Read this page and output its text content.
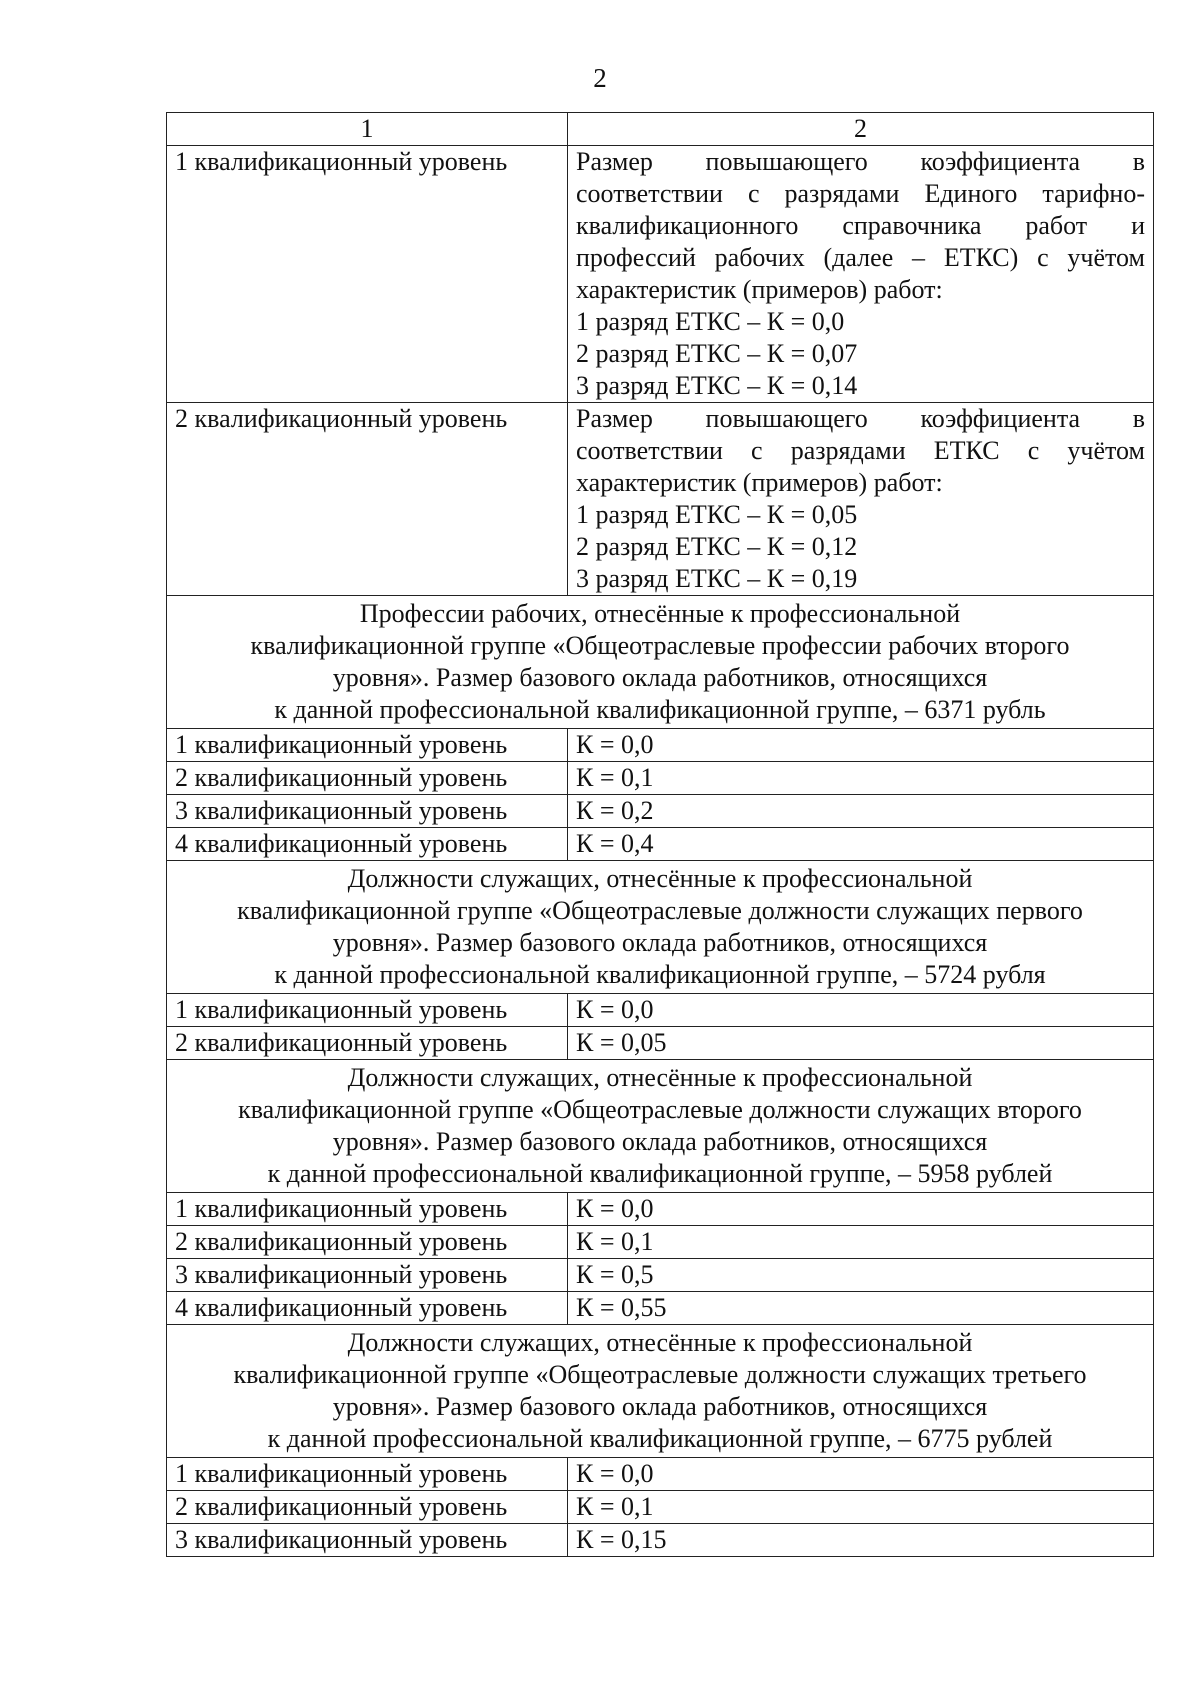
2
1	2
1 квалификационный уровень	Размер повышающего коэффициента в соответствии с разрядами Единого тарифно-квалификационного справочника работ и профессий рабочих (далее – ЕТКС) с учётом характеристик (примеров) работ:
1 разряд ЕТКС – К = 0,0
2 разряд ЕТКС – К = 0,07
3 разряд ЕТКС – К = 0,14

2 квалификационный уровень	Размер повышающего коэффициента в соответствии с разрядами ЕТКС с учётом характеристик (примеров) работ:
1 разряд ЕТКС – К = 0,05
2 разряд ЕТКС – К = 0,12
3 разряд ЕТКС – К = 0,19

Профессии рабочих, отнесённые к профессиональной
квалификационной группе «Общеотраслевые профессии рабочих второго
уровня». Размер базового оклада работников, относящихся
к данной профессиональной квалификационной группе, – 6371 рубль	

1 квалификационный уровень	К = 0,0
2 квалификационный уровень	К = 0,1
3 квалификационный уровень	К = 0,2
4 квалификационный уровень	К = 0,4

Должности служащих, отнесённые к профессиональной
квалификационной группе «Общеотраслевые должности служащих первого
уровня». Размер базового оклада работников, относящихся
к данной профессиональной квалификационной группе, – 5724 рубля	

1 квалификационный уровень	К = 0,0
2 квалификационный уровень	К = 0,05

Должности служащих, отнесённые к профессиональной
квалификационной группе «Общеотраслевые должности служащих второго
уровня». Размер базового оклада работников, относящихся
к данной профессиональной квалификационной группе, – 5958 рублей	

1 квалификационный уровень	К = 0,0
2 квалификационный уровень	К = 0,1
3 квалификационный уровень	К = 0,5
4 квалификационный уровень	К = 0,55

Должности служащих, отнесённые к профессиональной
квалификационной группе «Общеотраслевые должности служащих третьего
уровня». Размер базового оклада работников, относящихся
к данной профессиональной квалификационной группе, – 6775 рублей	

1 квалификационный уровень	К = 0,0
2 квалификационный уровень	К = 0,1
3 квалификационный уровень	К = 0,15
